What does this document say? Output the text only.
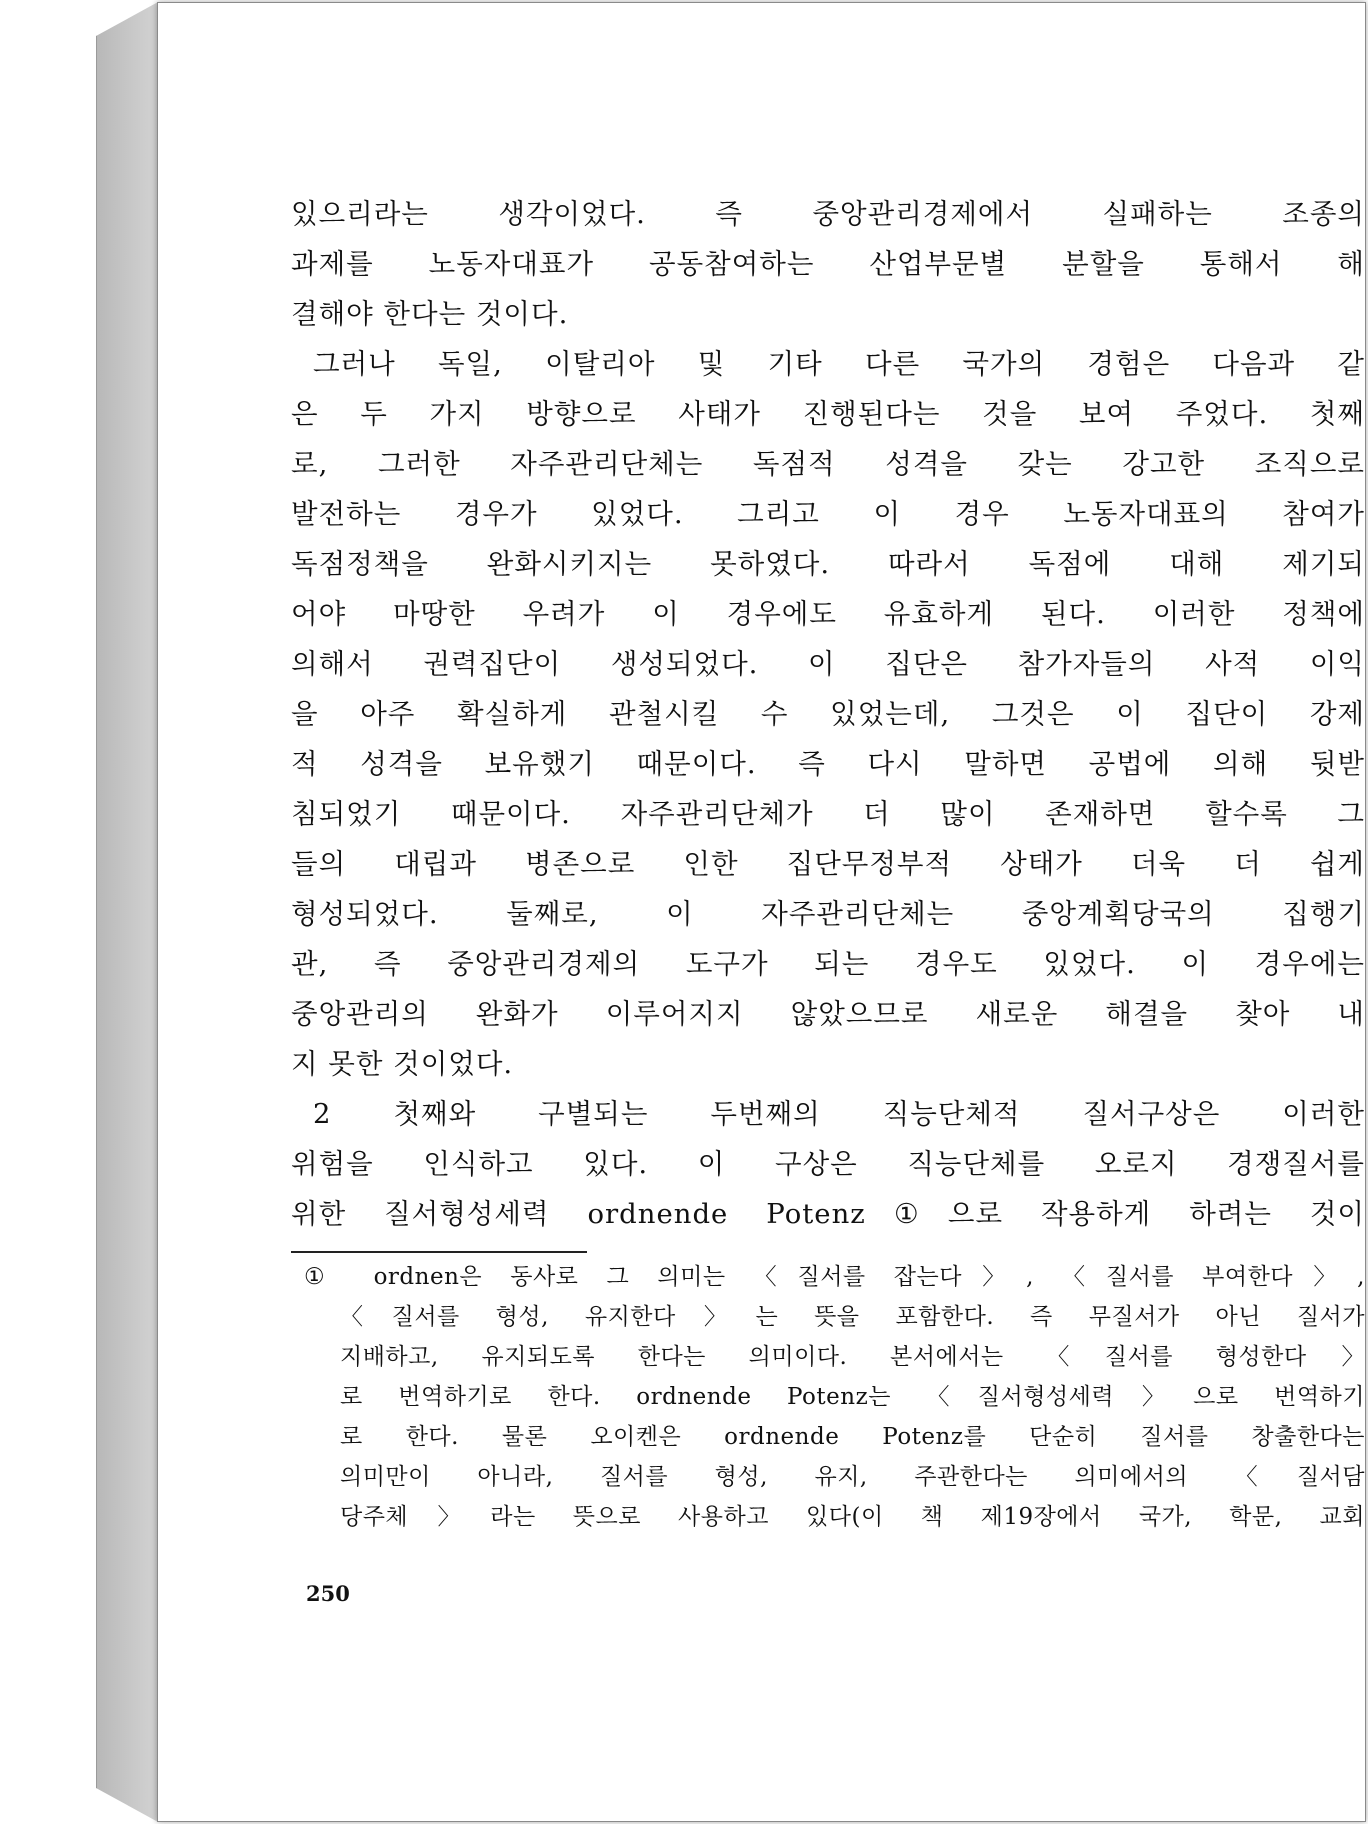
있으리라는 생각이었다. 즉 중앙관리경제에서 실패하는 조종의
과제를 노동자대표가 공동참여하는 산업부문별 분할을 통해서 해
결해야 한다는 것이다.
그러나 독일, 이탈리아 및 기타 다른 국가의 경험은 다음과 같
은 두 가지 방향으로 사태가 진행된다는 것을 보여 주었다. 첫째
로, 그러한 자주관리단체는 독점적 성격을 갖는 강고한 조직으로
발전하는 경우가 있었다. 그리고 이 경우 노동자대표의 참여가
독점정책을 완화시키지는 못하였다. 따라서 독점에 대해 제기되
어야 마땅한 우려가 이 경우에도 유효하게 된다. 이러한 정책에
의해서 권력집단이 생성되었다. 이 집단은 참가자들의 사적 이익
을 아주 확실하게 관철시킬 수 있었는데, 그것은 이 집단이 강제
적 성격을 보유했기 때문이다. 즉 다시 말하면 공법에 의해 뒷받
침되었기 때문이다. 자주관리단체가 더 많이 존재하면 할수록 그
들의 대립과 병존으로 인한 집단무정부적 상태가 더욱 더 쉽게
형성되었다. 둘째로, 이 자주관리단체는 중앙계획당국의 집행기
관, 즉 중앙관리경제의 도구가 되는 경우도 있었다. 이 경우에는
중앙관리의 완화가 이루어지지 않았으므로 새로운 해결을 찾아 내
지 못한 것이었다.
2 첫째와 구별되는 두번째의 직능단체적 질서구상은 이러한
위험을 인식하고 있다. 이 구상은 직능단체를 오로지 경쟁질서를
위한 질서형성세력 ordnende Potenz①으로 작용하게 하려는 것이
① ordnen은 동사로 그 의미는 〈질서를 잡는다〉, 〈질서를 부여한다〉,
〈질서를 형성, 유지한다〉는 뜻을 포함한다. 즉 무질서가 아닌 질서가
지배하고, 유지되도록 한다는 의미이다. 본서에서는 〈질서를 형성한다〉
로 번역하기로 한다. ordnende Potenz는 〈질서형성세력〉으로 번역하기
로 한다. 물론 오이켄은 ordnende Potenz를 단순히 질서를 창출한다는
의미만이 아니라, 질서를 형성, 유지, 주관한다는 의미에서의 〈질서담
당주체〉라는 뜻으로 사용하고 있다(이 책 제19장에서 국가, 학문, 교회
250
